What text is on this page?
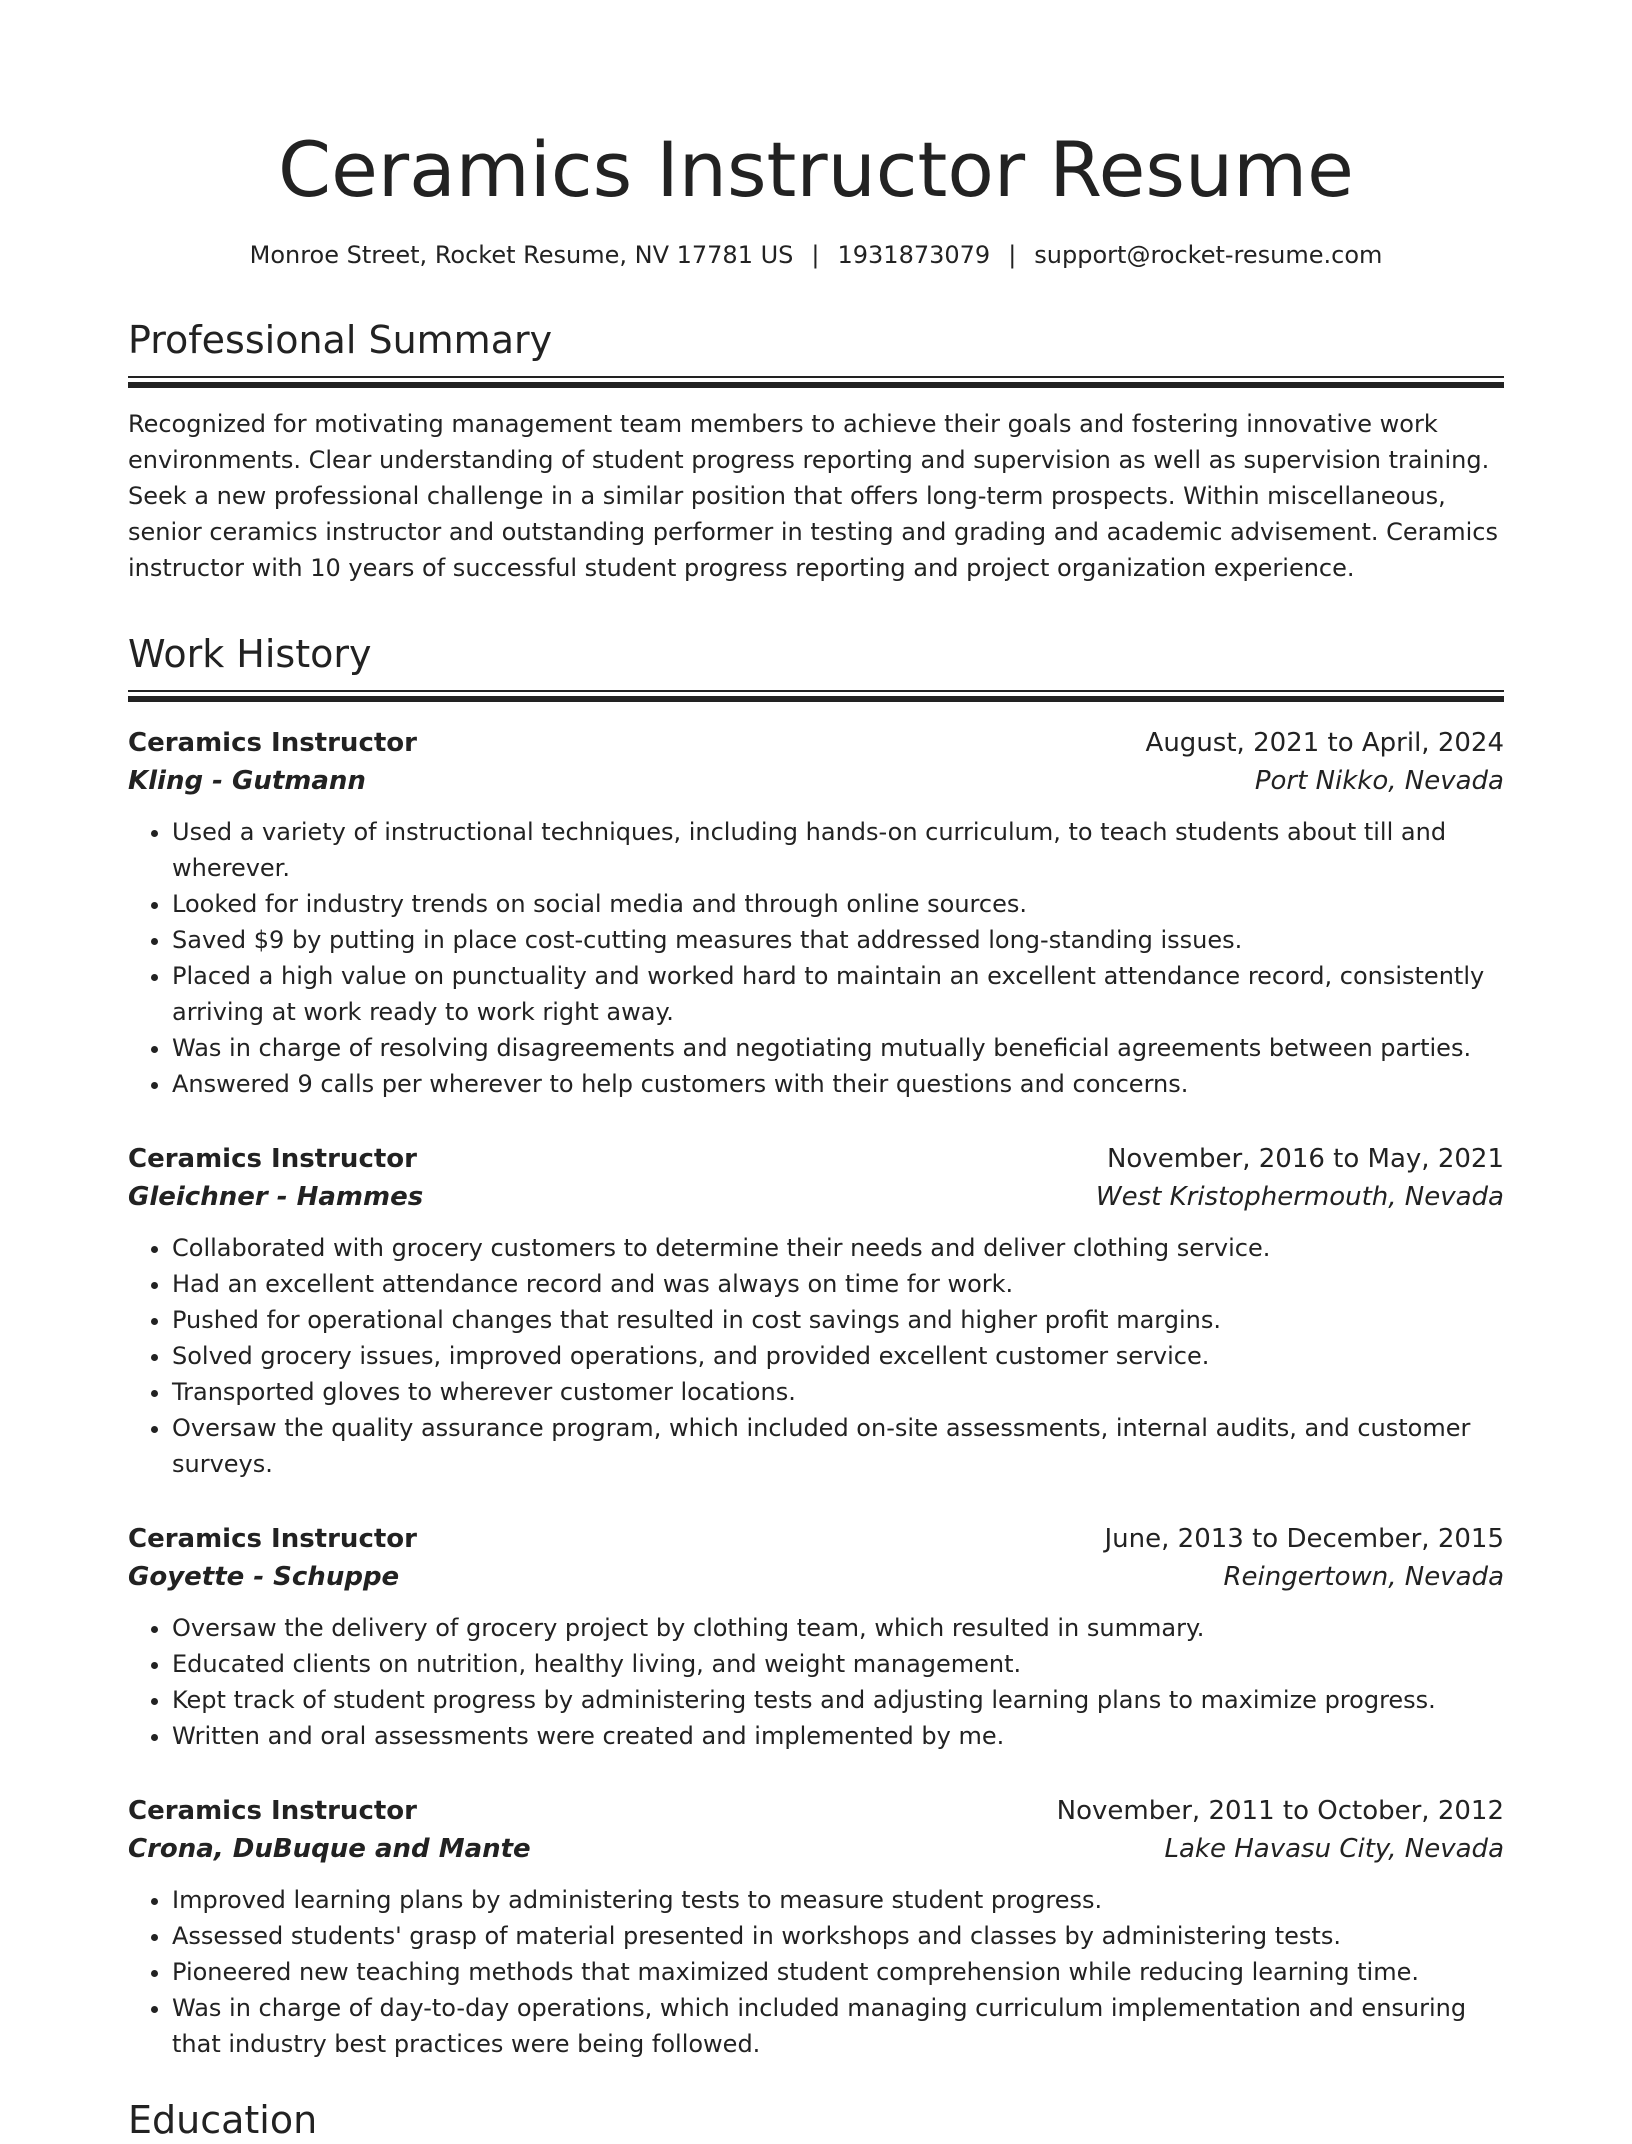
Ceramics Instructor Resume
Monroe Street, Rocket Resume, NV 17781 US | 1931873079 | support@rocket-resume.com
Professional Summary
Recognized for motivating management team members to achieve their goals and fostering innovative work environments. Clear understanding of student progress reporting and supervision as well as supervision training. Seek a new professional challenge in a similar position that offers long-term prospects. Within miscellaneous, senior ceramics instructor and outstanding performer in testing and grading and academic advisement. Ceramics instructor with 10 years of successful student progress reporting and project organization experience.
Work History
Ceramics Instructor	August, 2021 to April, 2024
Kling - Gutmann	Port Nikko, Nevada
• Used a variety of instructional techniques, including hands-on curriculum, to teach students about till and wherever.
• Looked for industry trends on social media and through online sources.
• Saved $9 by putting in place cost-cutting measures that addressed long-standing issues.
• Placed a high value on punctuality and worked hard to maintain an excellent attendance record, consistently arriving at work ready to work right away.
• Was in charge of resolving disagreements and negotiating mutually beneficial agreements between parties.
• Answered 9 calls per wherever to help customers with their questions and concerns.
Ceramics Instructor	November, 2016 to May, 2021
Gleichner - Hammes	West Kristophermouth, Nevada
• Collaborated with grocery customers to determine their needs and deliver clothing service.
• Had an excellent attendance record and was always on time for work.
• Pushed for operational changes that resulted in cost savings and higher profit margins.
• Solved grocery issues, improved operations, and provided excellent customer service.
• Transported gloves to wherever customer locations.
• Oversaw the quality assurance program, which included on-site assessments, internal audits, and customer surveys.
Ceramics Instructor	June, 2013 to December, 2015
Goyette - Schuppe	Reingertown, Nevada
• Oversaw the delivery of grocery project by clothing team, which resulted in summary.
• Educated clients on nutrition, healthy living, and weight management.
• Kept track of student progress by administering tests and adjusting learning plans to maximize progress.
• Written and oral assessments were created and implemented by me.
Ceramics Instructor	November, 2011 to October, 2012
Crona, DuBuque and Mante	Lake Havasu City, Nevada
• Improved learning plans by administering tests to measure student progress.
• Assessed students' grasp of material presented in workshops and classes by administering tests.
• Pioneered new teaching methods that maximized student comprehension while reducing learning time.
• Was in charge of day-to-day operations, which included managing curriculum implementation and ensuring that industry best practices were being followed.
Education
